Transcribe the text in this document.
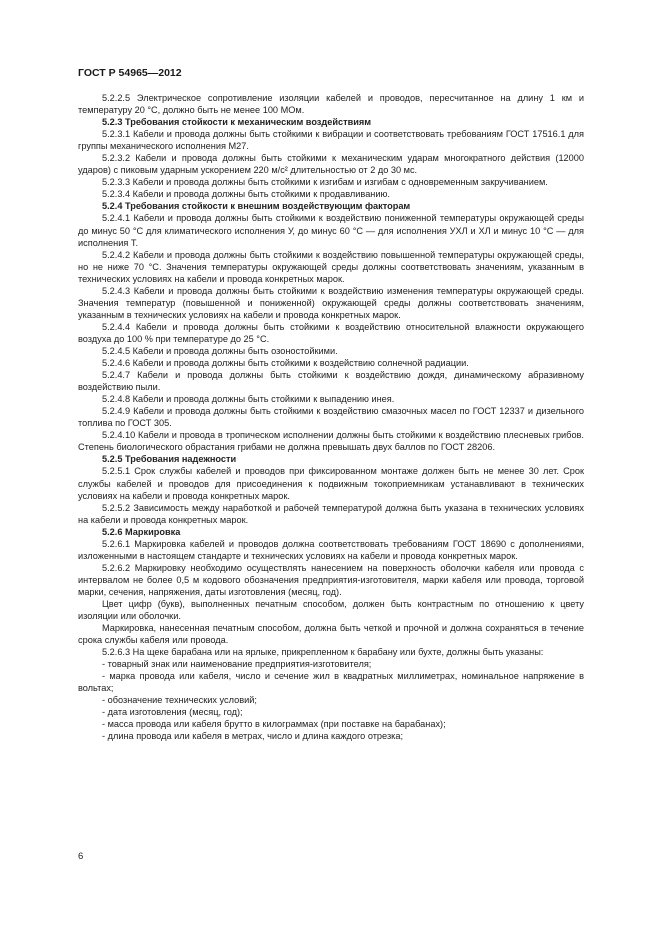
ГОСТ Р 54965—2012

5.2.2.5 Электрическое сопротивление изоляции кабелей и проводов, пересчитанное на длину 1 км и температуру 20 °С, должно быть не менее 100 МОм.

5.2.3 Требования стойкости к механическим воздействиям

5.2.3.1 Кабели и провода должны быть стойкими к вибрации и соответствовать требованиям ГОСТ 17516.1 для группы механического исполнения М27.

5.2.3.2 Кабели и провода должны быть стойкими к механическим ударам многократного действия (12000 ударов) с пиковым ударным ускорением 220 м/с² длительностью от 2 до 30 мс.

5.2.3.3 Кабели и провода должны быть стойкими к изгибам и изгибам с одновременным закручиванием.

5.2.3.4 Кабели и провода должны быть стойкими к продавливанию.

5.2.4 Требования стойкости к внешним воздействующим факторам

5.2.4.1 Кабели и провода должны быть стойкими к воздействию пониженной температуры окружающей среды до минус 50 °С для климатического исполнения У, до минус 60 °С — для исполнения УХЛ и ХЛ и минус 10 °С — для исполнения Т.

5.2.4.2 Кабели и провода должны быть стойкими к воздействию повышенной температуры окружающей среды, но не ниже 70 °С. Значения температуры окружающей среды должны соответствовать значениям, указанным в технических условиях на кабели и провода конкретных марок.

5.2.4.3 Кабели и провода должны быть стойкими к воздействию изменения температуры окружающей среды. Значения температур (повышенной и пониженной) окружающей среды должны соответствовать значениям, указанным в технических условиях на кабели и провода конкретных марок.

5.2.4.4 Кабели и провода должны быть стойкими к воздействию относительной влажности окружающего воздуха до 100 % при температуре до 25 °С.

5.2.4.5 Кабели и провода должны быть озоностойкими.

5.2.4.6 Кабели и провода должны быть стойкими к воздействию солнечной радиации.

5.2.4.7 Кабели и провода должны быть стойкими к воздействию дождя, динамическому абразивному воздействию пыли.

5.2.4.8 Кабели и провода должны быть стойкими к выпадению инея.

5.2.4.9 Кабели и провода должны быть стойкими к воздействию смазочных масел по ГОСТ 12337 и дизельного топлива по ГОСТ 305.

5.2.4.10 Кабели и провода в тропическом исполнении должны быть стойкими к воздействию плесневых грибов. Степень биологического обрастания грибами не должна превышать двух баллов по ГОСТ 28206.

5.2.5 Требования надежности

5.2.5.1 Срок службы кабелей и проводов при фиксированном монтаже должен быть не менее 30 лет. Срок службы кабелей и проводов для присоединения к подвижным токоприемникам устанавливают в технических условиях на кабели и провода конкретных марок.

5.2.5.2 Зависимость между наработкой и рабочей температурой должна быть указана в технических условиях на кабели и провода конкретных марок.

5.2.6 Маркировка

5.2.6.1 Маркировка кабелей и проводов должна соответствовать требованиям ГОСТ 18690 с дополнениями, изложенными в настоящем стандарте и технических условиях на кабели и провода конкретных марок.

5.2.6.2 Маркировку необходимо осуществлять нанесением на поверхность оболочки кабеля или провода с интервалом не более 0,5 м кодового обозначения предприятия-изготовителя, марки кабеля или провода, торговой марки, сечения, напряжения, даты изготовления (месяц, год).

Цвет цифр (букв), выполненных печатным способом, должен быть контрастным по отношению к цвету изоляции или оболочки.

Маркировка, нанесенная печатным способом, должна быть четкой и прочной и должна сохраняться в течение срока службы кабеля или провода.

5.2.6.3 На щеке барабана или на ярлыке, прикрепленном к барабану или бухте, должны быть указаны:

- товарный знак или наименование предприятия-изготовителя;

- марка провода или кабеля, число и сечение жил в квадратных миллиметрах, номинальное напряжение в вольтах;

- обозначение технических условий;

- дата изготовления (месяц, год);

- масса провода или кабеля брутто в килограммах (при поставке на барабанах);

- длина провода или кабеля в метрах, число и длина каждого отрезка;

6
